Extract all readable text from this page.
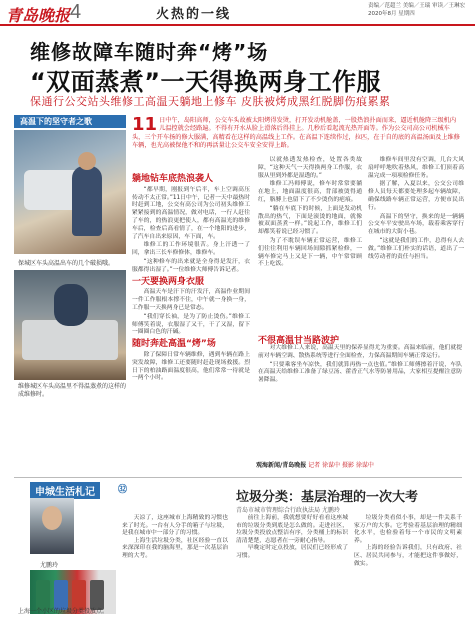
青岛晚报 4	火热的一线
责编／范超兰 美编／王瑞 审读／王琳宏
2020年8月 星期四
维修故障车随时奔“烤”场
“双面蒸煮”一天得换两身工作服
保通行公交站头维修工高温天躺地上修车 皮肤被烤成黑红脱脚伤痕累累
高温下的坚守者之歌
保城区车头高温出车的几个破损哦。
维修城区车头高温里不得温蒸煮的这样的成维修时。
11 日中午，岛阳高师，公交车头故被太阳烤得发烫，打开发动机舱盖，一股热浪扑面而来，逼近机舱降三级机内儿温控就会经路遍。不得有开水从脸上滑落后得挂上。几秒后看起流光热开面等。作为公交司高公司机械车头，三个开车扬的修大服满，高精看在这样的高温线上工作。在高温下连续作过，拉匹，在于自的底的高温汤面及上维修车辆，也光高被保他不和的再活量让公交车安全安得上路。
躺地钻车底热浪袭人

“都早期，刚报到午后半，车上空调高压传动不太正常。”11日中午，记者一天中最热时时赶到工地，公交有高公司为公司初头维修工紧紧接到的高温情况，做对电话，一行人赶往了车的，的热浪更把使人，都有高温光的维修车后，检查后高看情了，在一个地阳的进步，了汽车自出来原因，车下面，车。

维修工的工作环境很苦。身上汗透一了回，拿出三长车修修体，维修车。

“这种修车的出来就是全身得是发汗，衣服都得出湿了。”一位维修大师傅告诉记者。

一天要换两身衣服

高温天车是汗下的汗发汗，高温作业期间一件工作服根本撑不住，中午就一身换一身，工作服一天换两身已是常态。

“我们穿长袖，是为了防止烫伤。”维修工师傅笑着说，衣服湿了又干，干了又湿，留下一圈圈白色的汗碱。

随时奔赴高温“烤”场

除了保障日常车辆维修，遇到车辆在路上突发故障，维修工还要随时赶赴现场救援。烈日下的柏油路面温度很高，他们常常一待就是一两个小时。

以就热透发热检查，处置各类故障，“这种天气一天得换两身工作服，衣服从里到外都是湿透的。”

维修工冯师傅说，修车时常常要躺在地上，地面温度很高，背部被烫得通红，胳膊上也留下了不少烫伤的疤痕。

“躺在车底下的时候，上面是发动机散出的热气，下面是滚烫的地面，就像被双面蒸煮一样。”说起工作，维修工们却都笑着说已经习惯了。

为了不耽误车辆正常运营，维修工们往往利用车辆回场间隙抓紧检修，一辆车修完马上又是下一辆，中午常常顾不上吃饭。

维修车间里没有空调，几台大风扇呼呼地吹着热风，维修工们顶着高温完成一项项检修任务。

据了解，入夏以来，公交公司维修人员每天都要处理多起车辆故障，确保线路车辆正常运营，方便市民出行。

高温下的坚守，换来的是一辆辆公交车平安驶出车场，载着乘客穿行在城市的大街小巷。

“这就是我们的工作，总得有人去做。”维修工们朴实的话语，道出了一线劳动者的责任与担当。

不很高温甘当路波护

对大维修工人来说，高温天里的保养显得尤为重要。高温来临前，他们就提前对车辆空调、散热系统等进行全面检查，力保高温期间车辆正常运行。

“只要乘客坐车凉快，我们就算再热一点也值。”维修工师傅擦着汗说，车队在高温天给维修工准备了绿豆汤、藿香正气水等防暑用品，大家相互提醒注意防暑降温。

观海新闻/青岛晚报 记者 徐谋中 摄影 徐谋中
申城生活札记	㉜	垃圾分类：基层治理的一次大考
青岛市城市管理综合行政执法局 尤鹏玲
尤鹏玲
上海一个小区的垃圾分类投放点。

天凉了，这座城市上海精致的习惯也来了时光。一台有人分手的箱子与垃圾，是我在城市中一部分了的习惯。

上海生活垃圾分类，社区经验一直以来深深印在我的脑海里，那是一次基层治理的大考。

前往上海前，我就想要好好看看这座城市的垃圾分类到底是怎么做的。走进社区，垃圾分类投放点整洁有序，分类桶上的标识清清楚楚，志愿者在一旁耐心指导。

早晚定时定点投放，居民们已经形成了习惯。

垃圾分类看似小事，却是一件关系千家万户的大事。它考验着基层治理的精细化水平，也检验着每一个市民的文明素养。

上海的经验告诉我们，只有政府、社区、居民共同参与，才能把这件事做好，做实。
